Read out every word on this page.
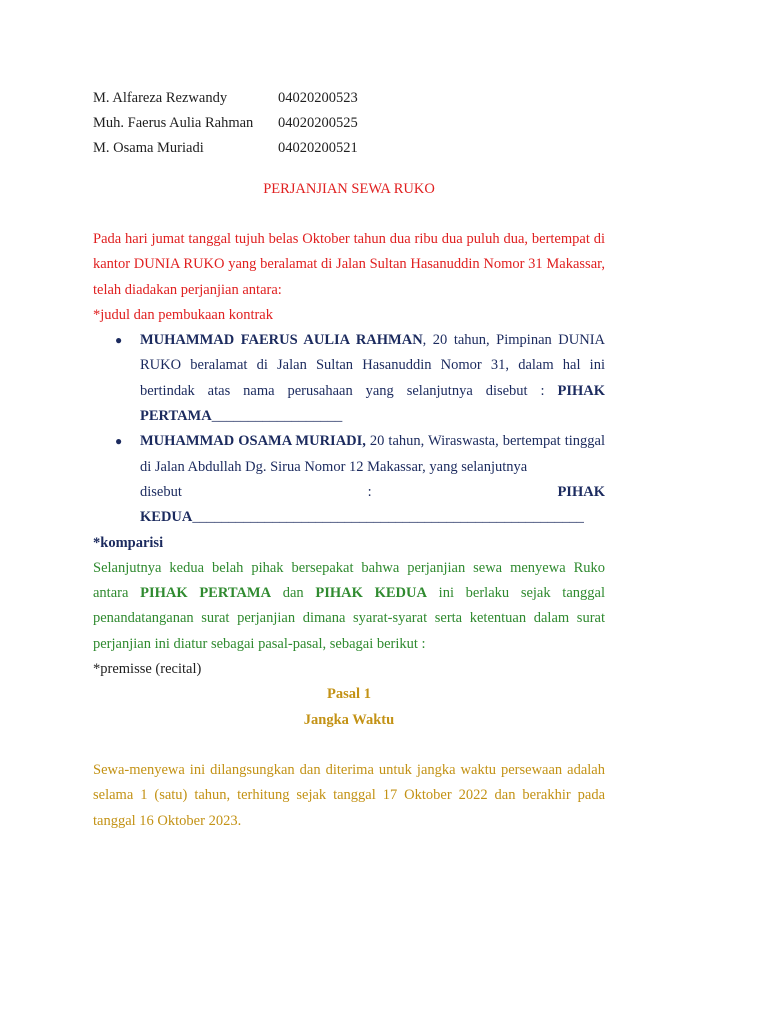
M. Alfareza Rezwandy	04020200523
Muh. Faerus Aulia Rahman	04020200525
M. Osama Muriadi	04020200521
PERJANJIAN SEWA RUKO
Pada hari jumat tanggal tujuh belas Oktober tahun dua ribu dua puluh dua, bertempat di kantor DUNIA RUKO yang beralamat di Jalan Sultan Hasanuddin Nomor 31 Makassar, telah diadakan perjanjian antara:
*judul dan pembukaan kontrak
● MUHAMMAD FAERUS AULIA RAHMAN, 20 tahun, Pimpinan DUNIA RUKO beralamat di Jalan Sultan Hasanuddin Nomor 31, dalam hal ini bertindak atas nama perusahaan yang selanjutnya disebut : PIHAK PERTAMA__________________
● MUHAMMAD OSAMA MURIADI, 20 tahun, Wiraswasta, bertempat tinggal di Jalan Abdullah Dg. Sirua Nomor 12 Makassar, yang selanjutnya
disebut	:	PIHAK
KEDUA______________________________________________________
*komparisi
Selanjutnya kedua belah pihak bersepakat bahwa perjanjian sewa menyewa Ruko antara PIHAK PERTAMA dan PIHAK KEDUA ini berlaku sejak tanggal penandatanganan surat perjanjian dimana syarat-syarat serta ketentuan dalam surat perjanjian ini diatur sebagai pasal-pasal, sebagai berikut :
*premisse (recital)
Pasal 1
Jangka Waktu
Sewa-menyewa ini dilangsungkan dan diterima untuk jangka waktu persewaan adalah selama 1 (satu) tahun, terhitung sejak tanggal 17 Oktober 2022 dan berakhir pada tanggal 16 Oktober 2023.
